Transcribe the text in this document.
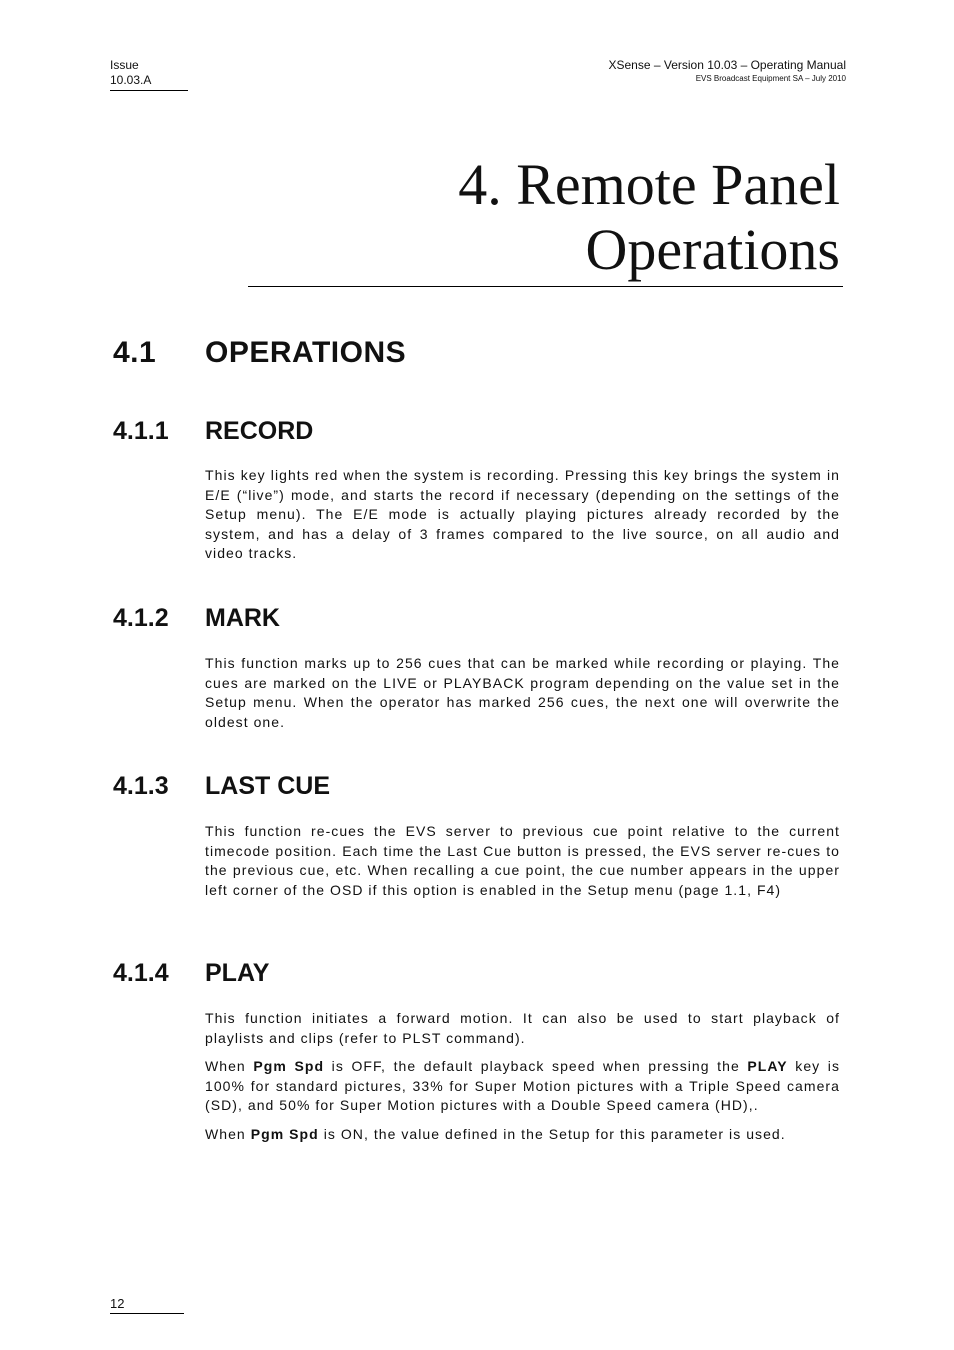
Issue
10.03.A
XSense – Version 10.03 – Operating Manual
EVS Broadcast Equipment SA – July 2010
4. Remote Panel
Operations
4.1 OPERATIONS
4.1.1 RECORD

This key lights red when the system is recording. Pressing this key brings the system in E/E (“live”) mode, and starts the record if necessary (depending on the settings of the Setup menu). The E/E mode is actually playing pictures already recorded by the system, and has a delay of 3 frames compared to the live source, on all audio and video tracks.

4.1.2 MARK

This function marks up to 256 cues that can be marked while recording or playing. The cues are marked on the LIVE or PLAYBACK program depending on the value set in the Setup menu. When the operator has marked 256 cues, the next one will overwrite the oldest one.

4.1.3 LAST CUE

This function re-cues the EVS server to previous cue point relative to the current timecode position. Each time the Last Cue button is pressed, the EVS server re-cues to the previous cue, etc. When recalling a cue point, the cue number appears in the upper left corner of the OSD if this option is enabled in the Setup menu (page 1.1, F4)

4.1.4 PLAY

This function initiates a forward motion. It can also be used to start playback of playlists and clips (refer to PLST command).

When Pgm Spd is OFF, the default playback speed when pressing the PLAY key is 100% for standard pictures, 33% for Super Motion pictures with a Triple Speed camera (SD), and 50% for Super Motion pictures with a Double Speed camera (HD),.

When Pgm Spd is ON, the value defined in the Setup for this parameter is used.

12
